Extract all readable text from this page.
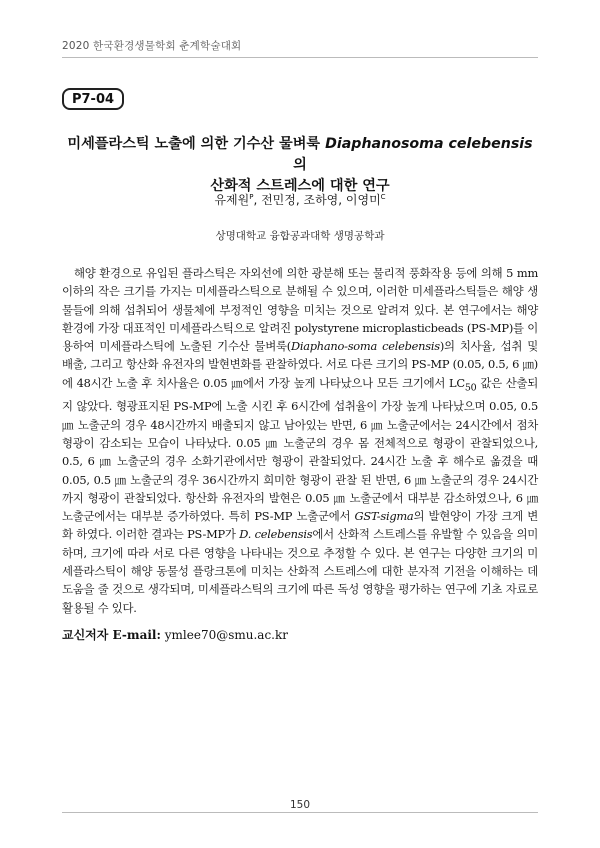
2020 한국환경생물학회 춘계학술대회
P7-04
미세플라스틱 노출에 의한 기수산 물벼룩 Diaphanosoma celebensis의
산화적 스트레스에 대한 연구
유제원$^P$, 전민정, 조하영, 이영미$^C$
상명대학교 융합공과대학 생명공학과

해양 환경으로 유입된 플라스틱은 자외선에 의한 광분해 또는 물리적 풍화작용 등에 의해 5 mm 이하의 작은 크기를 가지는 미세플라스틱으로 분해될 수 있으며, 이러한 미세플라스틱들은 해양 생물들에 의해 섭취되어 생물체에 부정적인 영향을 미치는 것으로 알려져 있다. 본 연구에서는 해양 환경에 가장 대표적인 미세플라스틱으로 알려진 polystyrene microplasticbeads (PS-MP)를 이용하여 미세플라스틱에 노출된 기수산 물벼룩(Diaphano-soma celebensis)의 치사율, 섭취 및 배출, 그리고 항산화 유전자의 발현변화를 관찰하였다. 서로 다른 크기의 PS-MP (0.05, 0.5, 6 ㎛)에 48시간 노출 후 치사율은 0.05 ㎛에서 가장 높게 나타났으나 모든 크기에서 $LC_{50}$ 값은 산출되지 않았다. 형광표지된 PS-MP에 노출 시킨 후 6시간에 섭취율이 가장 높게 나타났으며 0.05, 0.5 ㎛ 노출군의 경우 48시간까지 배출되지 않고 남아있는 반면, 6 ㎛ 노출군에서는 24시간에서 점차 형광이 감소되는 모습이 나타났다. 0.05 ㎛ 노출군의 경우 몸 전체적으로 형광이 관찰되었으나, 0.5, 6 ㎛ 노출군의 경우 소화기관에서만 형광이 관찰되었다. 24시간 노출 후 해수로 옮겼을 때 0.05, 0.5 ㎛ 노출군의 경우 36시간까지 희미한 형광이 관찰 된 반면, 6 ㎛ 노출군의 경우 24시간까지 형광이 관찰되었다. 항산화 유전자의 발현은 0.05 ㎛ 노출군에서 대부분 감소하였으나, 6 ㎛ 노출군에서는 대부분 증가하였다. 특히 PS-MP 노출군에서 GST-sigma의 발현양이 가장 크게 변화 하였다. 이러한 결과는 PS-MP가 D. celebensis에서 산화적 스트레스를 유발할 수 있음을 의미하며, 크기에 따라 서로 다른 영향을 나타내는 것으로 추정할 수 있다. 본 연구는 다양한 크기의 미세플라스틱이 해양 동물성 플랑크톤에 미치는 산화적 스트레스에 대한 분자적 기전을 이해하는 데 도움을 줄 것으로 생각되며, 미세플라스틱의 크기에 따른 독성 영향을 평가하는 연구에 기초 자료로 활용될 수 있다.

교신저자 E-mail: ymlee70@smu.ac.kr
150
